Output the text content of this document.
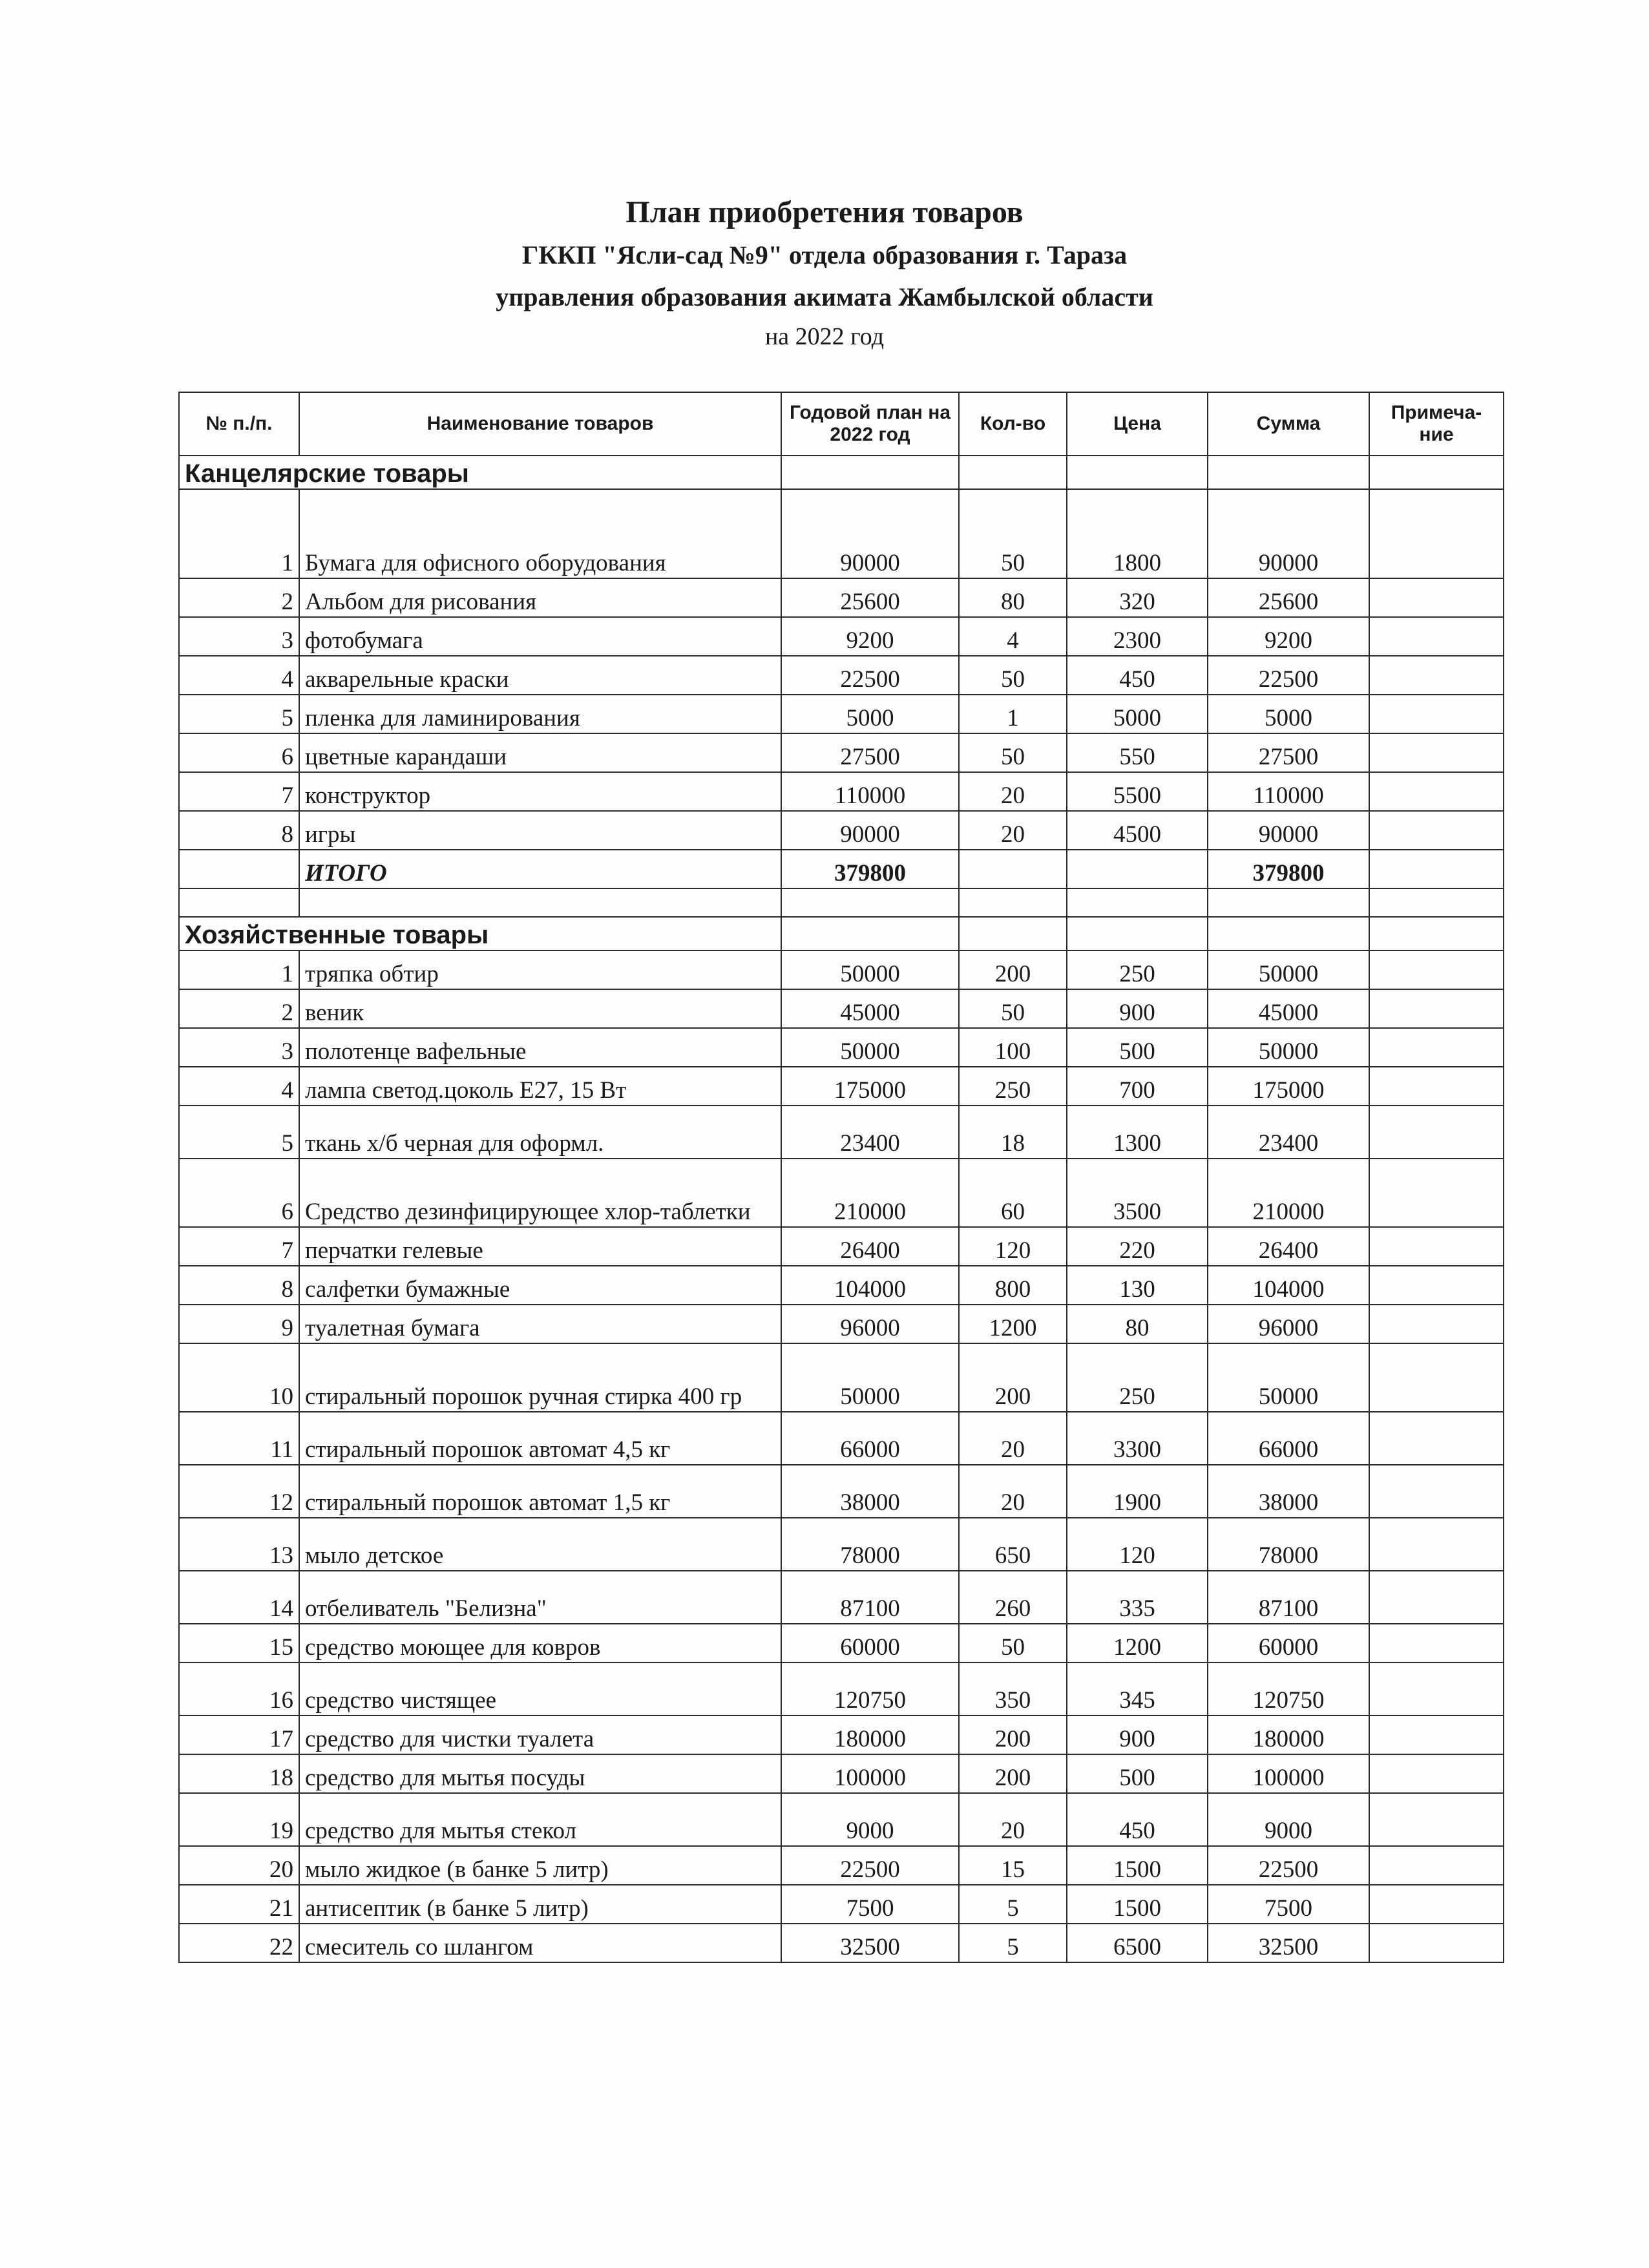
План приобретения товаров
ГККП "Ясли-сад №9" отдела образования г. Тараза
управления образования акимата Жамбылской области
на 2022 год
№ п./п.	Наименование товаров	Годовой план на 2022 год	Кол-во	Цена	Сумма	Примеча-ние
Канцелярские товары						
1	Бумага для офисного оборудования	90000	50	1800	90000	
2	Альбом для рисования	25600	80	320	25600	
3	фотобумага	9200	4	2300	9200	
4	акварельные краски	22500	50	450	22500	
5	пленка для ламинирования	5000	1	5000	5000	
6	цветные карандаши	27500	50	550	27500	
7	конструктор	110000	20	5500	110000	
8	игры	90000	20	4500	90000	
	ИТОГО	379800			379800	

Хозяйственные товары						
1	тряпка обтир	50000	200	250	50000	
2	веник	45000	50	900	45000	
3	полотенце вафельные	50000	100	500	50000	
4	лампа светод.цоколь Е27, 15 Вт	175000	250	700	175000	
5	ткань х/б черная для оформл.	23400	18	1300	23400	
6	Средство дезинфицирующее хлор-таблетки	210000	60	3500	210000	
7	перчатки гелевые	26400	120	220	26400	
8	салфетки бумажные	104000	800	130	104000	
9	туалетная бумага	96000	1200	80	96000	
10	стиральный порошок ручная стирка 400 гр	50000	200	250	50000	
11	стиральный порошок автомат 4,5 кг	66000	20	3300	66000	
12	стиральный порошок автомат 1,5 кг	38000	20	1900	38000	
13	мыло детское	78000	650	120	78000	
14	отбеливатель "Белизна"	87100	260	335	87100	
15	средство моющее для ковров	60000	50	1200	60000	
16	средство чистящее	120750	350	345	120750	
17	средство для чистки туалета	180000	200	900	180000	
18	средство для мытья посуды	100000	200	500	100000	
19	средство для мытья стекол	9000	20	450	9000	
20	мыло жидкое (в банке 5 литр)	22500	15	1500	22500	
21	антисептик (в банке 5 литр)	7500	5	1500	7500	
22	смеситель со шлангом	32500	5	6500	32500	
